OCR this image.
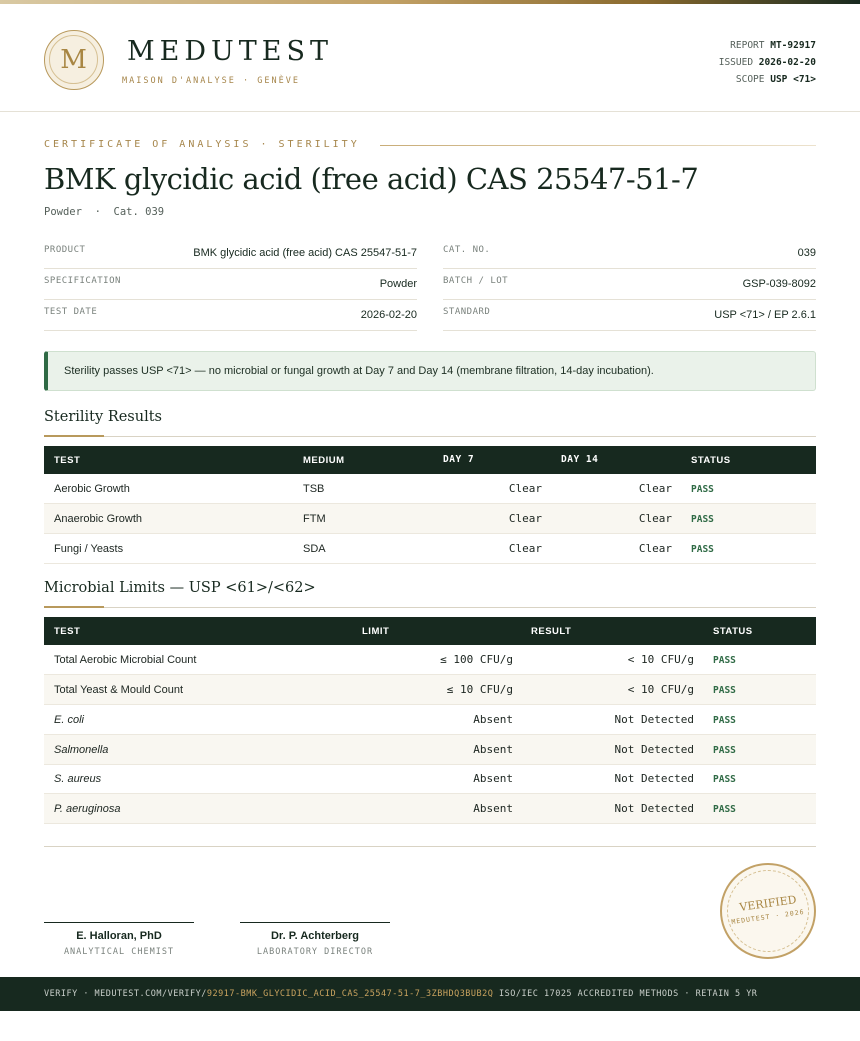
M	MEDUTEST
MAISON D'ANALYSE · GENÈVE
REPORT MT-92917
ISSUED 2026-02-20
SCOPE USP <71>
CERTIFICATE OF ANALYSIS · STERILITY
BMK glycidic acid (free acid) CAS 25547-51-7
Powder  ·  Cat. 039
PRODUCT	BMK glycidic acid (free acid) CAS 25547-51-7
SPECIFICATION	Powder
TEST DATE	2026-02-20
CAT. NO.	039
BATCH / LOT	GSP-039-8092
STANDARD	USP <71> / EP 2.6.1
Sterility passes USP <71> — no microbial or fungal growth at Day 7 and Day 14 (membrane filtration, 14-day incubation).
Sterility Results
TEST	MEDIUM	DAY 7	DAY 14	STATUS
Aerobic Growth	TSB	Clear	Clear PASS
Anaerobic Growth	FTM	Clear	Clear PASS
Fungi / Yeasts	SDA	Clear	Clear PASS
Microbial Limits — USP <61>/<62>
TEST	LIMIT	RESULT	STATUS
Total Aerobic Microbial Count	≤ 100 CFU/g	< 10 CFU/g PASS
Total Yeast & Mould Count	≤ 10 CFU/g	< 10 CFU/g PASS
E. coli	Absent	Not Detected PASS
Salmonella	Absent	Not Detected PASS
S. aureus	Absent	Not Detected PASS
P. aeruginosa	Absent	Not Detected PASS
E. Halloran, PhD
ANALYTICAL CHEMIST
Dr. P. Achterberg
LABORATORY DIRECTOR
VERIFIED
MEDUTEST · 2026
VERIFY · MEDUTEST.COM/VERIFY/92917-BMK_GLYCIDIC_ACID_CAS_25547-51-7_3ZBHDQ3BUB2Q ISO/IEC 17025 ACCREDITED METHODS · RETAIN 5 YR
